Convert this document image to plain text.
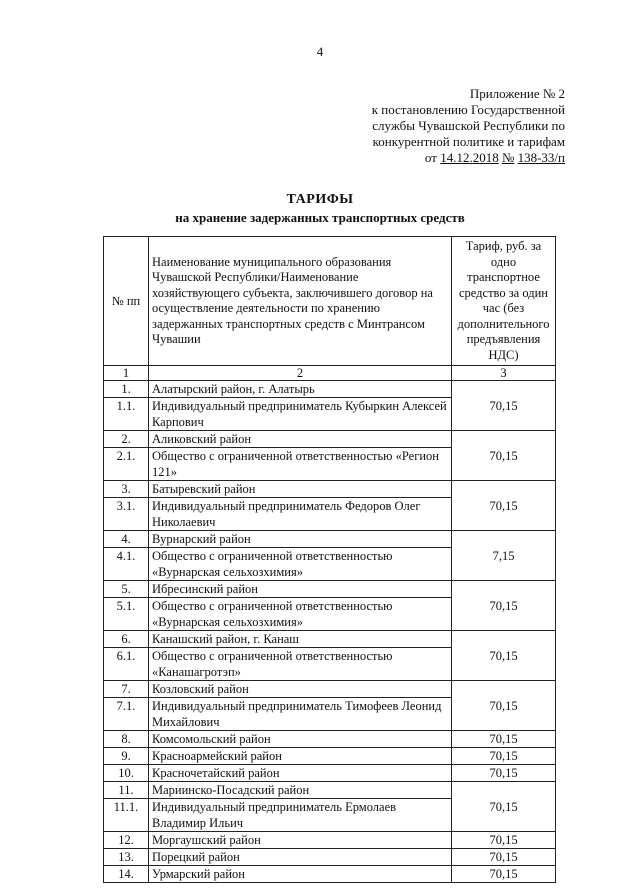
4
Приложение № 2
к постановлению Государственной
службы Чувашской Республики по
конкурентной политике и тарифам
от 14.12.2018 № 138-33/п
ТАРИФЫ
на хранение задержанных транспортных средств
№ пп	Наименование муниципального образования Чувашской Республики/Наименование хозяйствующего субъекта, заключившего договор на осуществление деятельности по хранению задержанных транспортных средств с Минтрансом Чувашии	Тариф, руб. за одно транспортное средство за один час (без дополнительного предъявления НДС)
1	2	3
1.	Алатырский район, г. Алатырь	70,15
1.1.	Индивидуальный предприниматель Кубыркин Алексей Карпович	
2.	Аликовский район	70,15
2.1.	Общество с ограниченной ответственностью «Регион 121»	
3.	Батыревский район	70,15
3.1.	Индивидуальный предприниматель Федоров Олег Николаевич	
4.	Вурнарский район	7,15
4.1.	Общество с ограниченной ответственностью «Вурнарская сельхозхимия»	
5.	Ибресинский район	70,15
5.1.	Общество с ограниченной ответственностью «Вурнарская сельхозхимия»	
6.	Канашский район, г. Канаш	70,15
6.1.	Общество с ограниченной ответственностью «Канашагротэп»	
7.	Козловский район	70,15
7.1.	Индивидуальный предприниматель Тимофеев Леонид Михайлович	
8.	Комсомольский район	70,15
9.	Красноармейский район	70,15
10.	Красночетайский район	70,15
11.	Мариинско-Посадский район	70,15
11.1.	Индивидуальный предприниматель Ермолаев Владимир Ильич	
12.	Моргаушский район	70,15
13.	Порецкий район	70,15
14.	Урмарский район	70,15
